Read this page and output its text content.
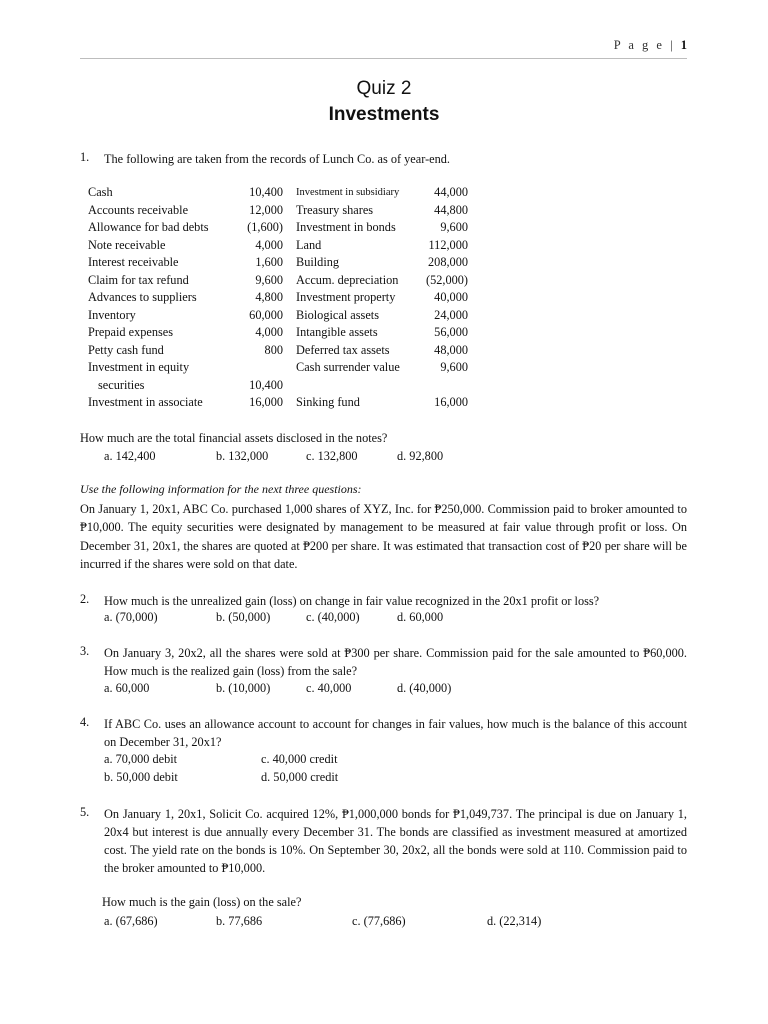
P a g e | 1
Quiz 2
Investments
1. The following are taken from the records of Lunch Co. as of year-end.
Cash	10,400	Investment in subsidiary	44,000
Accounts receivable	12,000	Treasury shares	44,800
Allowance for bad debts	(1,600)	Investment in bonds	9,600
Note receivable	4,000	Land	112,000
Interest receivable	1,600	Building	208,000
Claim for tax refund	9,600	Accum. depreciation	(52,000)
Advances to suppliers	4,800	Investment property	40,000
Inventory	60,000	Biological assets	24,000
Prepaid expenses	4,000	Intangible assets	56,000
Petty cash fund	800	Deferred tax assets	48,000
Investment in equity		Cash surrender value	9,600
securities	10,400		
Investment in associate	16,000	Sinking fund	16,000
How much are the total financial assets disclosed in the notes?
a. 142,400	b. 132,000	c. 132,800	d. 92,800
Use the following information for the next three questions:
On January 1, 20x1, ABC Co. purchased 1,000 shares of XYZ, Inc. for ₱250,000. Commission paid to broker amounted to ₱10,000. The equity securities were designated by management to be measured at fair value through profit or loss. On December 31, 20x1, the shares are quoted at ₱200 per share. It was estimated that transaction cost of ₱20 per share will be incurred if the shares were sold on that date.
2. How much is the unrealized gain (loss) on change in fair value recognized in the 20x1 profit or loss?
a. (70,000)	b. (50,000)	c. (40,000)	d. 60,000
3. On January 3, 20x2, all the shares were sold at ₱300 per share. Commission paid for the sale amounted to ₱60,000. How much is the realized gain (loss) from the sale?
a. 60,000	b. (10,000)	c. 40,000	d. (40,000)
4. If ABC Co. uses an allowance account to account for changes in fair values, how much is the balance of this account on December 31, 20x1?
a. 70,000 debit	c. 40,000 credit
b. 50,000 debit	d. 50,000 credit
5. On January 1, 20x1, Solicit Co. acquired 12%, ₱1,000,000 bonds for ₱1,049,737. The principal is due on January 1, 20x4 but interest is due annually every December 31. The bonds are classified as investment measured at amortized cost. The yield rate on the bonds is 10%. On September 30, 20x2, all the bonds were sold at 110. Commission paid to the broker amounted to ₱10,000.
How much is the gain (loss) on the sale?
a. (67,686)	b. 77,686	c. (77,686)	d. (22,314)
